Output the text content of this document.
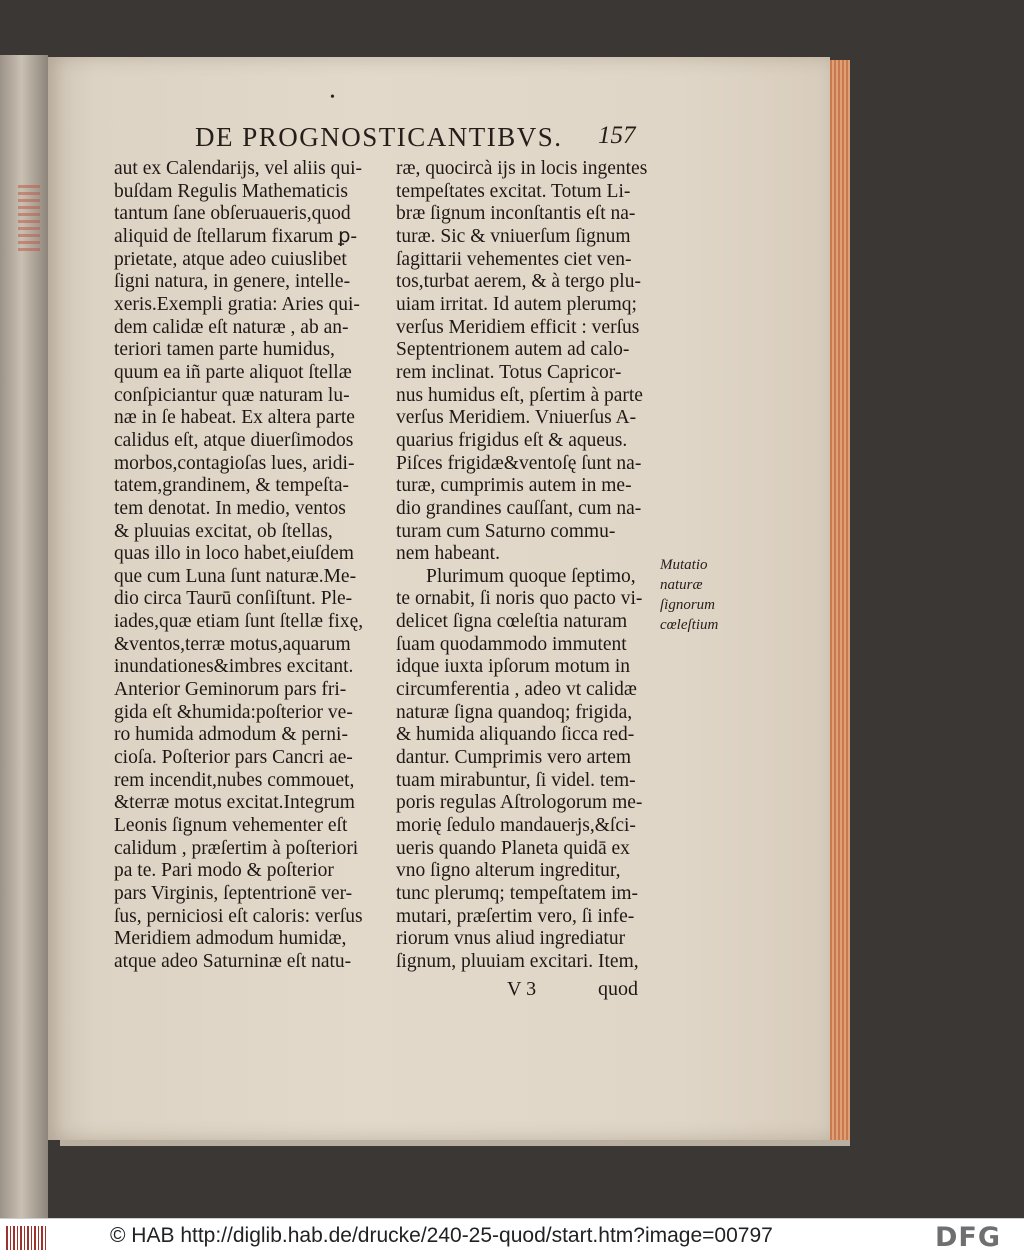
•
DE PROGNOSTICANTIBVS. 157
aut ex Calendarijs, vel aliis qui-
buſdam Regulis Mathematicis
tantum ſane obſeruaueris,quod
aliquid de ſtellarum fixarum ꝑ-
prietate, atque adeo cuiuslibet
ſigni natura, in genere, intelle-
xeris.Exempli gratia: Aries qui-
dem calidæ eſt naturæ , ab an-
teriori tamen parte humidus,
quum ea iñ parte aliquot ſtellæ
conſpiciantur quæ naturam lu-
næ in ſe habeat. Ex altera parte
calidus eſt, atque diuerſimodos
morbos,contagioſas lues, aridi-
tatem,grandinem, & tempeſta-
tem denotat. In medio, ventos
& pluuias excitat, ob ſtellas,
quas illo in loco habet,eiuſdem
que cum Luna ſunt naturæ.Me-
dio circa Taurū conſiſtunt. Ple-
iades,quæ etiam ſunt ſtellæ fixę,
&ventos,terræ motus,aquarum
inundationes&imbres excitant.
Anterior Geminorum pars fri-
gida eſt &humida:poſterior ve-
ro humida admodum & perni-
cioſa. Poſterior pars Cancri ae-
rem incendit,nubes commouet,
&terræ motus excitat.Integrum
Leonis ſignum vehementer eſt
calidum , præſertim à poſteriori
pa te. Pari modo & poſterior
pars Virginis, ſeptentrionē ver-
ſus, perniciosi eſt caloris: verſus
Meridiem admodum humidæ,
atque adeo Saturninæ eſt natu-
ræ, quocircà ijs in locis ingentes
tempeſtates excitat. Totum Li-
bræ ſignum inconſtantis eſt na-
turæ. Sic & vniuerſum ſignum
ſagittarii vehementes ciet ven-
tos,turbat aerem, & à tergo plu-
uiam irritat. Id autem plerumq;
verſus Meridiem efficit : verſus
Septentrionem autem ad calo-
rem inclinat. Totus Capricor-
nus humidus eſt, pſertim à parte
verſus Meridiem. Vniuerſus A-
quarius frigidus eſt & aqueus.
Piſces frigidæ&ventoſę ſunt na-
turæ, cumprimis autem in me-
dio grandines cauſſant, cum na-
turam cum Saturno commu-
nem habeant.
Plurimum quoque ſeptimo,
te ornabit, ſi noris quo pacto vi-
delicet ſigna cœleſtia naturam
ſuam quodammodo immutent
idque iuxta ipſorum motum in
circumferentia , adeo vt calidæ
naturæ ſigna quandoq; frigida,
& humida aliquando ſicca red-
dantur. Cumprimis vero artem
tuam mirabuntur, ſi videl. tem-
poris regulas Aſtrologorum me-
morię ſedulo mandauerjs,&ſci-
ueris quando Planeta quidā ex
vno ſigno alterum ingreditur,
tunc plerumq; tempeſtatem im-
mutari, præſertim vero, ſi infe-
riorum vnus aliud ingrediatur
ſignum, pluuiam excitari. Item,
Mutatio
naturæ
ſignorum
cœleſtium
V 3	quod
© HAB http://diglib.hab.de/drucke/240-25-quod/start.htm?image=00797	DFG
